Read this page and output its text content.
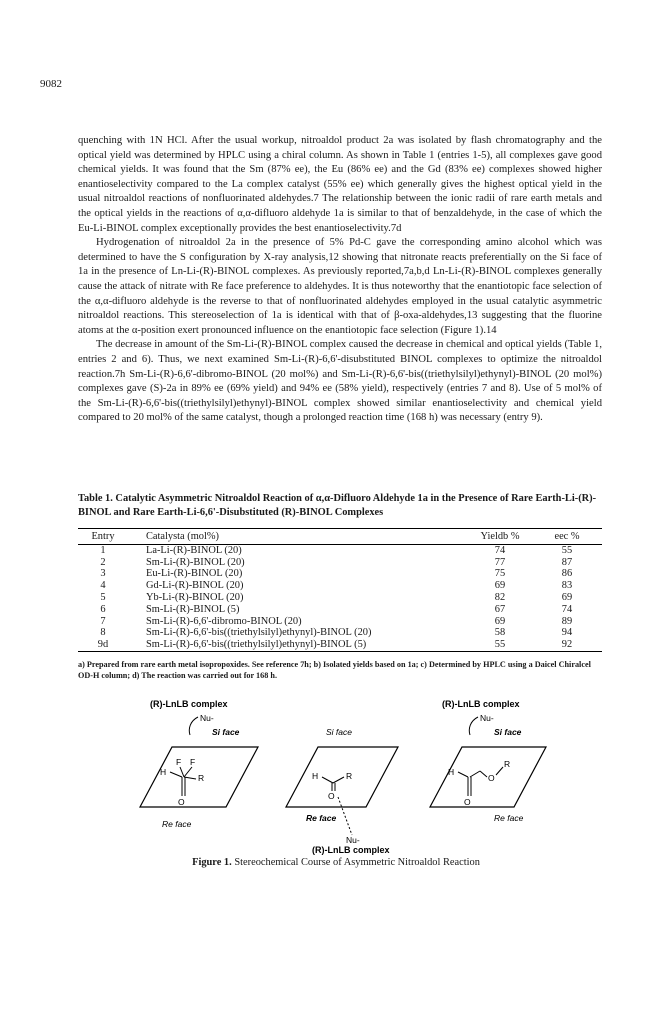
9082

quenching with 1N HCl. After the usual workup, nitroaldol product 2a was isolated by flash chromatography and the optical yield was determined by HPLC using a chiral column. As shown in Table 1 (entries 1-5), all complexes gave good chemical yields. It was found that the Sm (87% ee), the Eu (86% ee) and the Gd (83% ee) complexes showed higher enantioselectivity compared to the La complex catalyst (55% ee) which generally gives the highest optical yield in the usual nitroaldol reactions of nonfluorinated aldehydes.7 The relationship between the ionic radii of rare earth metals and the optical yields in the reactions of α,α-difluoro aldehyde 1a is similar to that of benzaldehyde, in the case of which the Eu-Li-BINOL complex exceptionally provides the best enantioselectivity.7d

Hydrogenation of nitroaldol 2a in the presence of 5% Pd-C gave the corresponding amino alcohol which was determined to have the S configuration by X-ray analysis,12 showing that nitronate reacts preferentially on the Si face of 1a in the presence of Ln-Li-(R)-BINOL complexes. As previously reported,7a,b,d Ln-Li-(R)-BINOL complexes generally cause the attack of nitrate with Re face preference to aldehydes. It is thus noteworthy that the enantiotopic face selection of the α,α-difluoro aldehyde is the reverse to that of nonfluorinated aldehydes employed in the usual catalytic asymmetric nitroaldol reactions. This stereoselection of 1a is identical with that of β-oxa-aldehydes,13 suggesting that the fluorine atoms at the α-position exert pronounced influence on the enantiotopic face selection (Figure 1).14

The decrease in amount of the Sm-Li-(R)-BINOL complex caused the decrease in chemical and optical yields (Table 1, entries 2 and 6). Thus, we next examined Sm-Li-(R)-6,6'-disubstituted BINOL complexes to optimize the nitroaldol reaction.7h Sm-Li-(R)-6,6'-dibromo-BINOL (20 mol%) and Sm-Li-(R)-6,6'-bis((triethylsilyl)ethynyl)-BINOL (20 mol%) complexes gave (S)-2a in 89% ee (69% yield) and 94% ee (58% yield), respectively (entries 7 and 8). Use of 5 mol% of the Sm-Li-(R)-6,6'-bis((triethylsilyl)ethynyl)-BINOL complex showed similar enantioselectivity and chemical yield compared to 20 mol% of the same catalyst, though a prolonged reaction time (168 h) was necessary (entry 9).

Table 1. Catalytic Asymmetric Nitroaldol Reaction of α,α-Difluoro Aldehyde 1a in the Presence of Rare Earth-Li-(R)-BINOL and Rare Earth-Li-6,6'-Disubstituted (R)-BINOL Complexes

Entry	Catalysta (mol%)	Yieldb %	eec %
1	La-Li-(R)-BINOL (20)	74	55
2	Sm-Li-(R)-BINOL (20)	77	87
3	Eu-Li-(R)-BINOL (20)	75	86
4	Gd-Li-(R)-BINOL (20)	69	83
5	Yb-Li-(R)-BINOL (20)	82	69
6	Sm-Li-(R)-BINOL (5)	67	74
7	Sm-Li-(R)-6,6'-dibromo-BINOL (20)	69	89
8	Sm-Li-(R)-6,6'-bis((triethylsilyl)ethynyl)-BINOL (20)	58	94
9d	Sm-Li-(R)-6,6'-bis((triethylsilyl)ethynyl)-BINOL (5)	55	92

a) Prepared from rare earth metal isopropoxides. See reference 7h; b) Isolated yields based on 1a; c) Determined by HPLC using a Daicel Chiralcel OD-H column; d) The reaction was carried out for 168 h.

(R)-LnLB complex
Nu-
Si face
H
F F
R
O
Re face
Si face
H	R
O
Re face
Nu-
(R)-LnLB complex
(R)-LnLB complex
Nu-
Si face
H
O
R
O
Re face
Figure 1. Stereochemical Course of Asymmetric Nitroaldol Reaction
